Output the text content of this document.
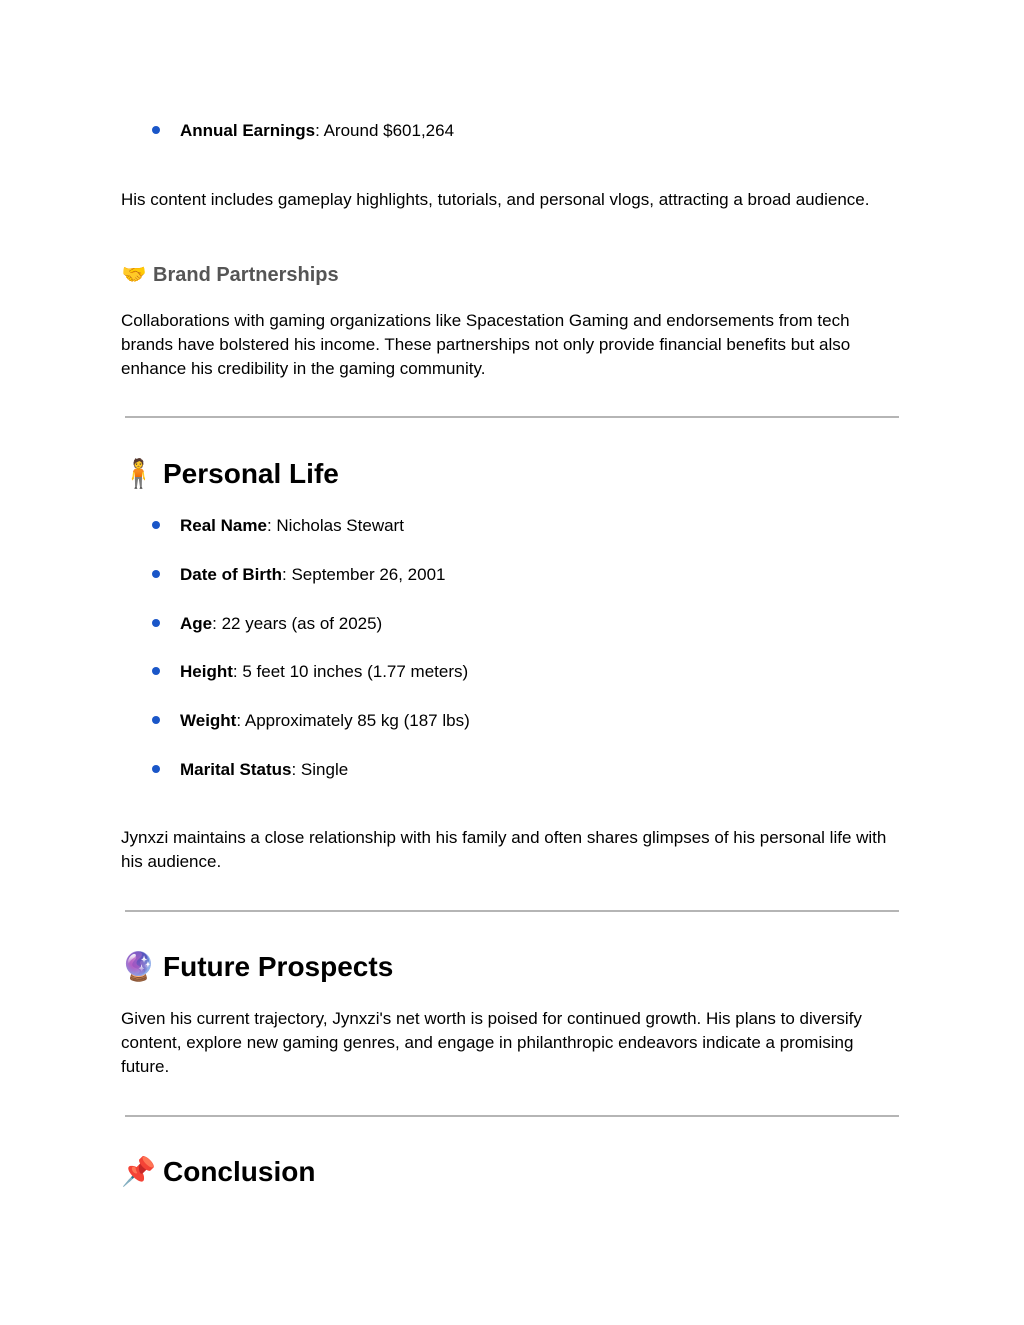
Annual Earnings: Around $601,264
His content includes gameplay highlights, tutorials, and personal vlogs, attracting a broad audience.
🤝 Brand Partnerships
Collaborations with gaming organizations like Spacestation Gaming and endorsements from tech brands have bolstered his income. These partnerships not only provide financial benefits but also enhance his credibility in the gaming community.
🧍 Personal Life
Real Name: Nicholas Stewart
Date of Birth: September 26, 2001
Age: 22 years (as of 2025)
Height: 5 feet 10 inches (1.77 meters)
Weight: Approximately 85 kg (187 lbs)
Marital Status: Single
Jynxzi maintains a close relationship with his family and often shares glimpses of his personal life with his audience.
🔮 Future Prospects
Given his current trajectory, Jynxzi's net worth is poised for continued growth. His plans to diversify content, explore new gaming genres, and engage in philanthropic endeavors indicate a promising future.
📌 Conclusion
